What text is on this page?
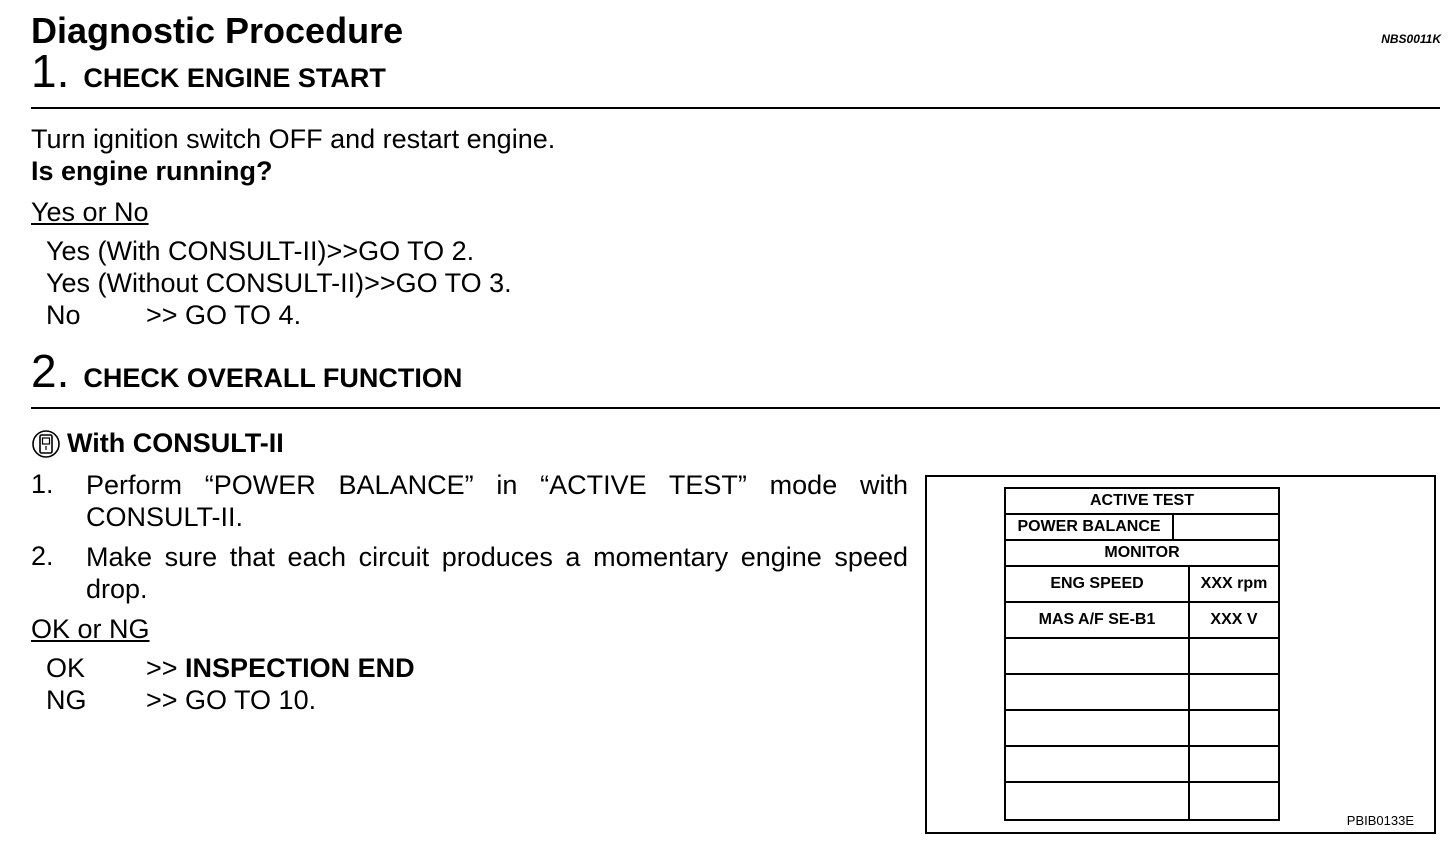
Diagnostic Procedure	NBS0011K
1. CHECK ENGINE START
Turn ignition switch OFF and restart engine.
Is engine running?
Yes or No
Yes (With CONSULT-II)>>GO TO 2.
Yes (Without CONSULT-II)>>GO TO 3.
No	>> GO TO 4.
2. CHECK OVERALL FUNCTION
With CONSULT-II
1.	Perform “POWER BALANCE” in “ACTIVE TEST” mode with CONSULT-II.
2.	Make sure that each circuit produces a momentary engine speed drop.
OK or NG
OK	>> INSPECTION END
NG	>> GO TO 10.
ACTIVE TEST
POWER BALANCE
MONITOR
ENG SPEED	XXX rpm
MAS A/F SE-B1	XXX V
PBIB0133E
